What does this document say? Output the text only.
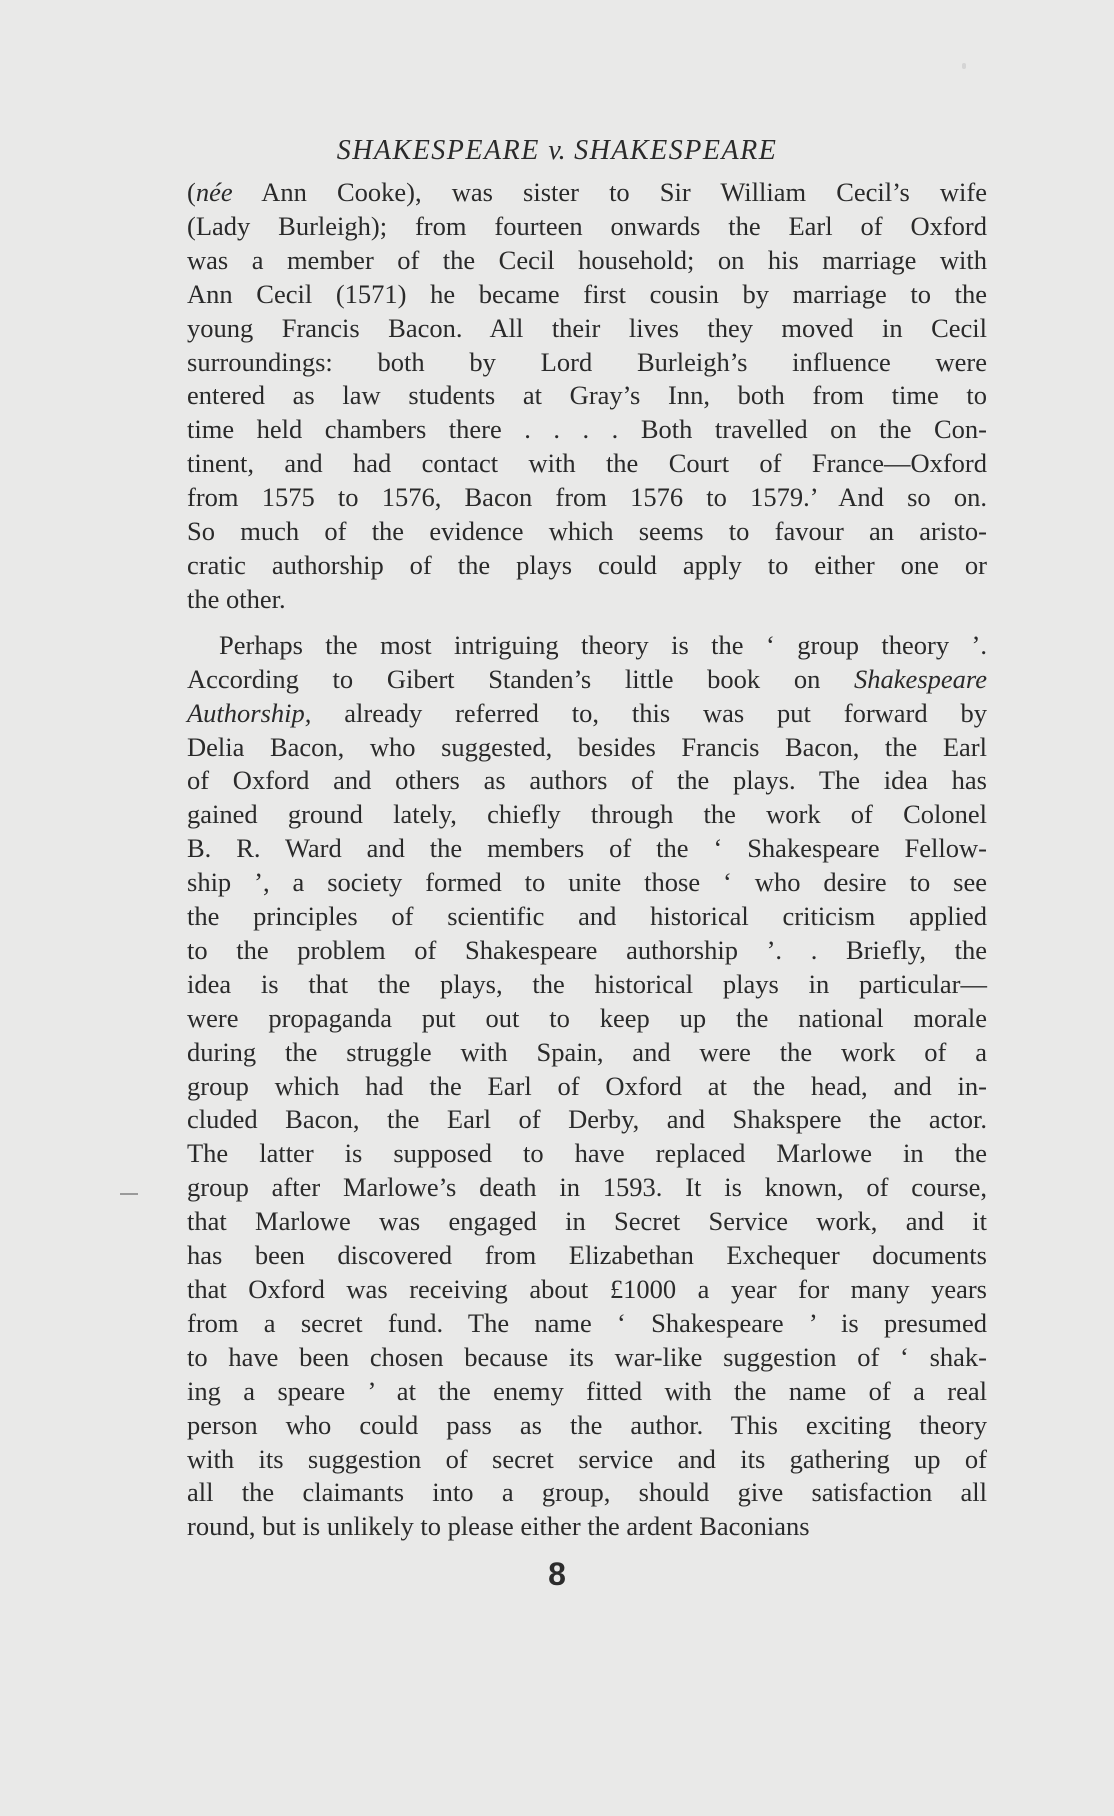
SHAKESPEARE v. SHAKESPEARE
(née Ann Cooke), was sister to Sir William Cecil’s wife
(Lady Burleigh); from fourteen onwards the Earl of Oxford
was a member of the Cecil household; on his marriage with
Ann Cecil (1571) he became first cousin by marriage to the
young Francis Bacon. All their lives they moved in Cecil
surroundings: both by Lord Burleigh’s influence were
entered as law students at Gray’s Inn, both from time to
time held chambers there . . . . Both travelled on the Con-
tinent, and had contact with the Court of France—Oxford
from 1575 to 1576, Bacon from 1576 to 1579.’ And so on.
So much of the evidence which seems to favour an aristo-
cratic authorship of the plays could apply to either one or
the other.
Perhaps the most intriguing theory is the ‘ group theory ’.
According to Gibert Standen’s little book on Shakespeare
Authorship, already referred to, this was put forward by
Delia Bacon, who suggested, besides Francis Bacon, the Earl
of Oxford and others as authors of the plays. The idea has
gained ground lately, chiefly through the work of Colonel
B. R. Ward and the members of the ‘ Shakespeare Fellow-
ship ’, a society formed to unite those ‘ who desire to see
the principles of scientific and historical criticism applied
to the problem of Shakespeare authorship ’. . Briefly, the
idea is that the plays, the historical plays in particular—
were propaganda put out to keep up the national morale
during the struggle with Spain, and were the work of a
group which had the Earl of Oxford at the head, and in-
cluded Bacon, the Earl of Derby, and Shakspere the actor.
The latter is supposed to have replaced Marlowe in the
group after Marlowe’s death in 1593. It is known, of course,
that Marlowe was engaged in Secret Service work, and it
has been discovered from Elizabethan Exchequer documents
that Oxford was receiving about £1000 a year for many years
from a secret fund. The name ‘ Shakespeare ’ is presumed
to have been chosen because its war-like suggestion of ‘ shak-
ing a speare ’ at the enemy fitted with the name of a real
person who could pass as the author. This exciting theory
with its suggestion of secret service and its gathering up of
all the claimants into a group, should give satisfaction all
round, but is unlikely to please either the ardent Baconians
8
